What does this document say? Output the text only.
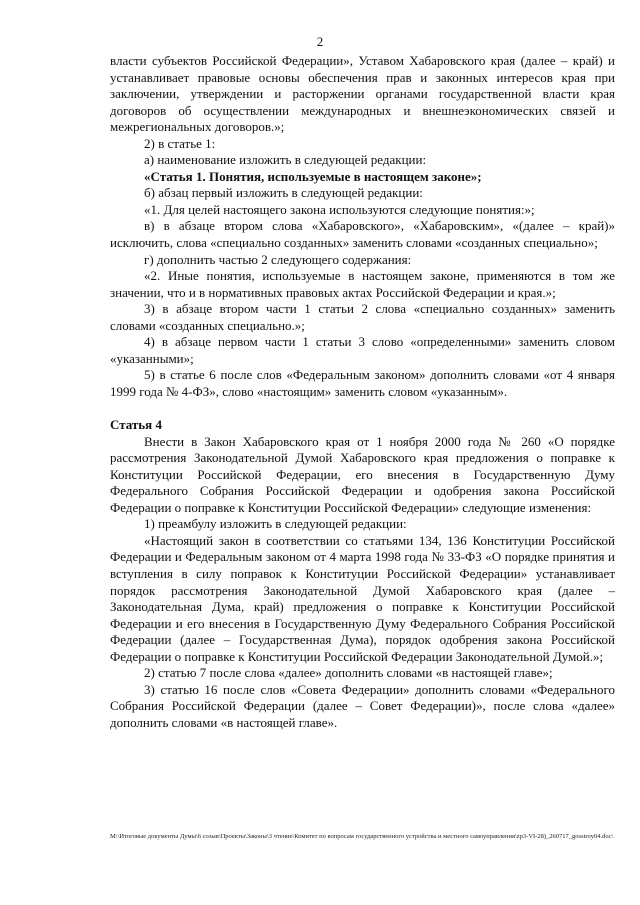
2

власти субъектов Российской Федерации», Уставом Хабаровского края (далее – край) и устанавливает правовые основы обеспечения прав и законных интересов края при заключении, утверждении и расторжении органами государственной власти края договоров об осуществлении международных и внешнеэкономических связей и межрегиональных договоров.»;

2) в статье 1:

а) наименование изложить в следующей редакции:

«Статья 1. Понятия, используемые в настоящем законе»;

б) абзац первый изложить в следующей редакции:

«1. Для целей настоящего закона используются следующие понятия:»;

в) в абзаце втором слова «Хабаровского», «Хабаровским», «(далее – край)» исключить, слова «специально созданных» заменить словами «созданных специально»;

г) дополнить частью 2 следующего содержания:

«2. Иные понятия, используемые в настоящем законе, применяются в том же значении, что и в нормативных правовых актах Российской Федерации и края.»;

3) в абзаце втором части 1 статьи 2 слова «специально созданных» заменить словами «созданных специально.»;

4) в абзаце первом части 1 статьи 3 слово «определенными» заменить словом «указанными»;

5) в статье 6 после слов «Федеральным законом» дополнить словами «от 4 января 1999 года № 4-ФЗ», слово «настоящим» заменить словом «указанным».

Статья 4

Внести в Закон Хабаровского края от 1 ноября 2000 года № 260 «О порядке рассмотрения Законодательной Думой Хабаровского края предложения о поправке к Конституции Российской Федерации, его внесения в Государственную Думу Федерального Собрания Российской Федерации и одобрения закона Российской Федерации о поправке к Конституции Российской Федерации» следующие изменения:

1) преамбулу изложить в следующей редакции:

«Настоящий закон в соответствии со статьями 134, 136 Конституции Российской Федерации и Федеральным законом от 4 марта 1998 года № 33-ФЗ «О порядке принятия и вступления в силу поправок к Конституции Российской Федерации» устанавливает порядок рассмотрения Законодательной Думой Хабаровского края (далее – Законодательная Дума, край) предложения о поправке к Конституции Российской Федерации и его внесения в Государственную Думу Федерального Собрания Российской Федерации (далее – Государственная Дума), порядок одобрения закона Российской Федерации о поправке к Конституции Российской Федерации Законодательной Думой.»;

2) статью 7 после слова «далее» дополнить словами «в настоящей главе»;

3) статью 16 после слов «Совета Федерации» дополнить словами «Федерального Собрания Российской Федерации (далее – Совет Федерации)», после слова «далее» дополнить словами «в настоящей главе».

M:\Итоговые документы Думы\6 созыв\Проекты\Законы\3 чтение\Комитет по вопросам государственного устройства и местного самоуправления\zp3-VI-28)_260717_gosstroy04.doc\
